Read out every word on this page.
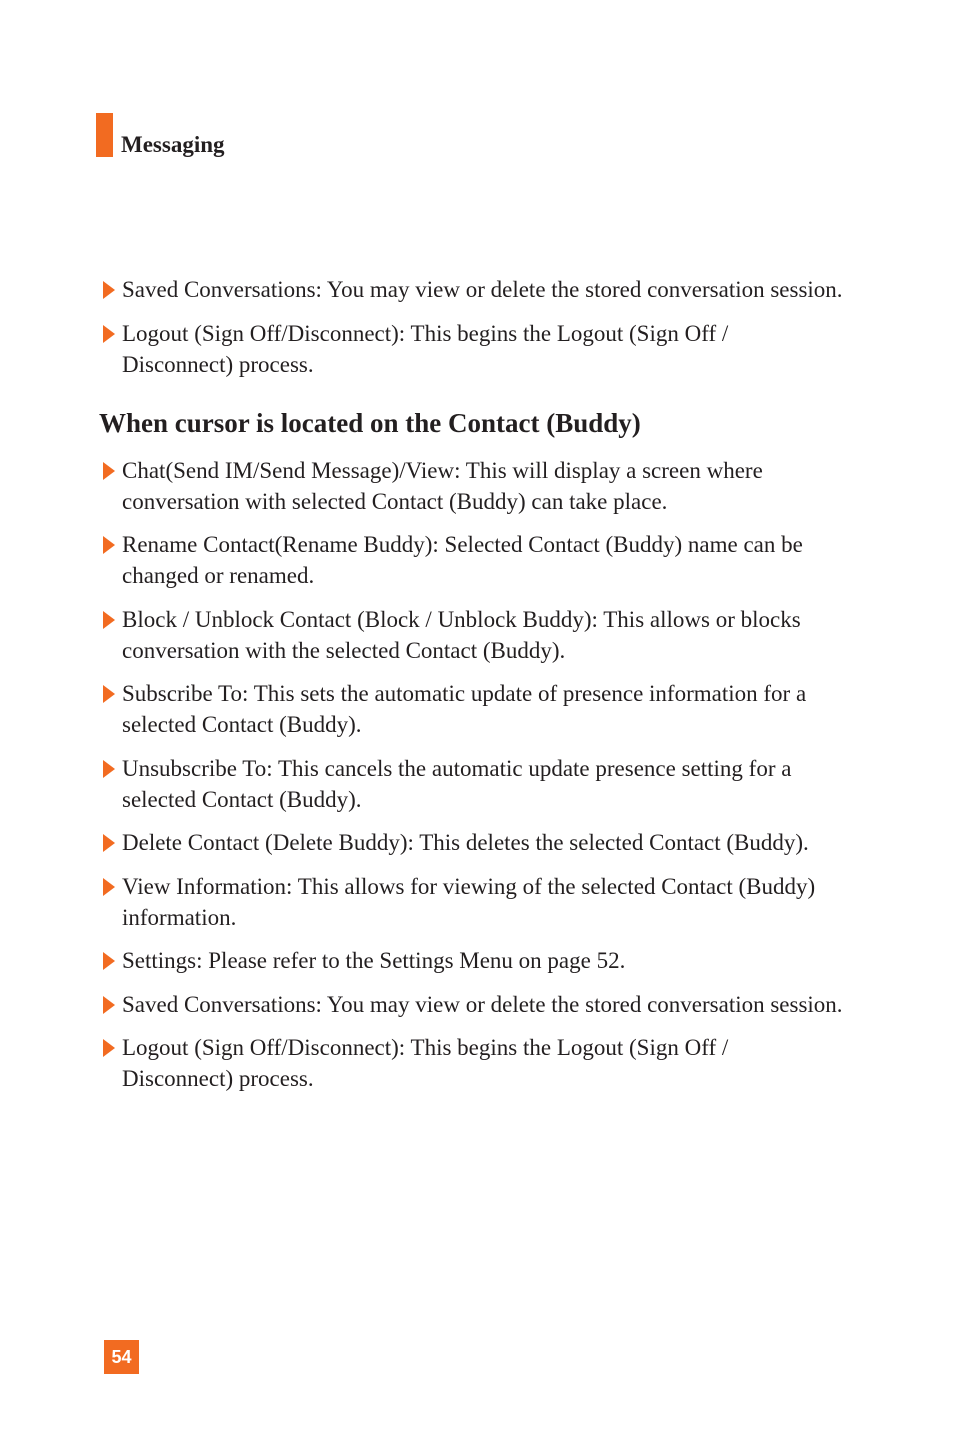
Messaging
Saved Conversations: You may view or delete the stored conversation session.
Logout (Sign Off/Disconnect): This begins the Logout (Sign Off / Disconnect) process.
When cursor is located on the Contact (Buddy)
Chat(Send IM/Send Message)/View: This will display a screen where conversation with selected Contact (Buddy) can take place.
Rename Contact(Rename Buddy): Selected Contact (Buddy) name can be changed or renamed.
Block / Unblock Contact (Block / Unblock Buddy): This allows or blocks conversation with the selected Contact (Buddy).
Subscribe To: This sets the automatic update of presence information for a selected Contact (Buddy).
Unsubscribe To: This cancels the automatic update presence setting for a selected Contact (Buddy).
Delete Contact (Delete Buddy): This deletes the selected Contact (Buddy).
View Information: This allows for viewing of the selected Contact (Buddy) information.
Settings: Please refer to the Settings Menu on page 52.
Saved Conversations: You may view or delete the stored conversation session.
Logout (Sign Off/Disconnect): This begins the Logout (Sign Off / Disconnect) process.
54
